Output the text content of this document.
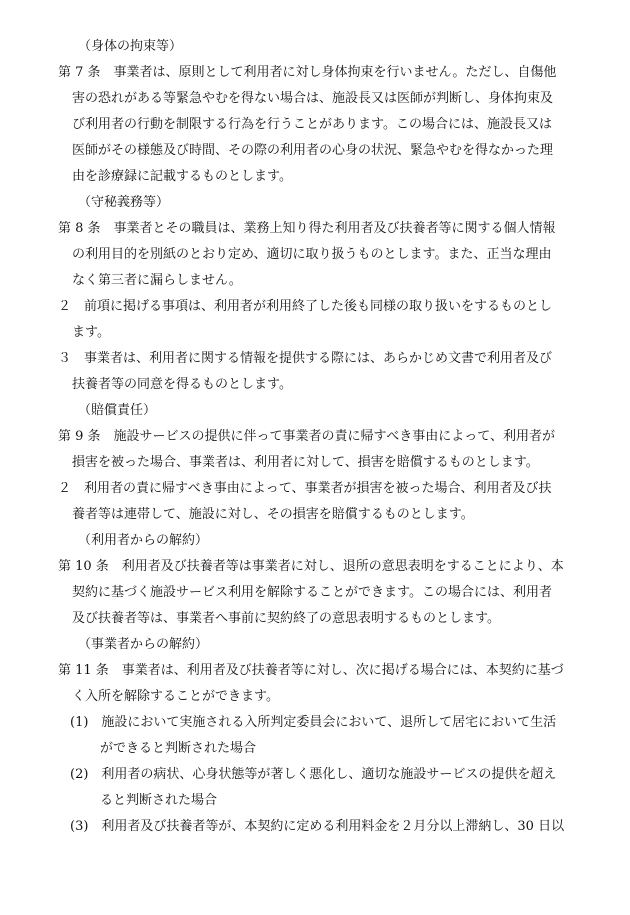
（身体の拘束等）
第 7 条　事業者は、原則として利用者に対し身体拘束を行いません。ただし、自傷他
害の恐れがある等緊急やむを得ない場合は、施設長又は医師が判断し、身体拘束及
び利用者の行動を制限する行為を行うことがあります。この場合には、施設長又は
医師がその様態及び時間、その際の利用者の心身の状況、緊急やむを得なかった理
由を診療録に記載するものとします。
（守秘義務等）
第 8 条　事業者とその職員は、業務上知り得た利用者及び扶養者等に関する個人情報
の利用目的を別紙のとおり定め、適切に取り扱うものとします。また、正当な理由
なく第三者に漏らしません。
２　前項に掲げる事項は、利用者が利用終了した後も同様の取り扱いをするものとし
ます。
３　事業者は、利用者に関する情報を提供する際には、あらかじめ文書で利用者及び
扶養者等の同意を得るものとします。
（賠償責任）
第 9 条　施設サービスの提供に伴って事業者の責に帰すべき事由によって、利用者が
損害を被った場合、事業者は、利用者に対して、損害を賠償するものとします。
２　利用者の責に帰すべき事由によって、事業者が損害を被った場合、利用者及び扶
養者等は連帯して、施設に対し、その損害を賠償するものとします。
（利用者からの解約）
第 10 条　利用者及び扶養者等は事業者に対し、退所の意思表明をすることにより、本
契約に基づく施設サービス利用を解除することができます。この場合には、利用者
及び扶養者等は、事業者へ事前に契約終了の意思表明するものとします。
（事業者からの解約）
第 11 条　事業者は、利用者及び扶養者等に対し、次に掲げる場合には、本契約に基づ
く入所を解除することができます。
(1)　施設において実施される入所判定委員会において、退所して居宅において生活
ができると判断された場合
(2)　利用者の病状、心身状態等が著しく悪化し、適切な施設サービスの提供を超え
ると判断された場合
(3)　利用者及び扶養者等が、本契約に定める利用料金を２月分以上滞納し、30 日以
